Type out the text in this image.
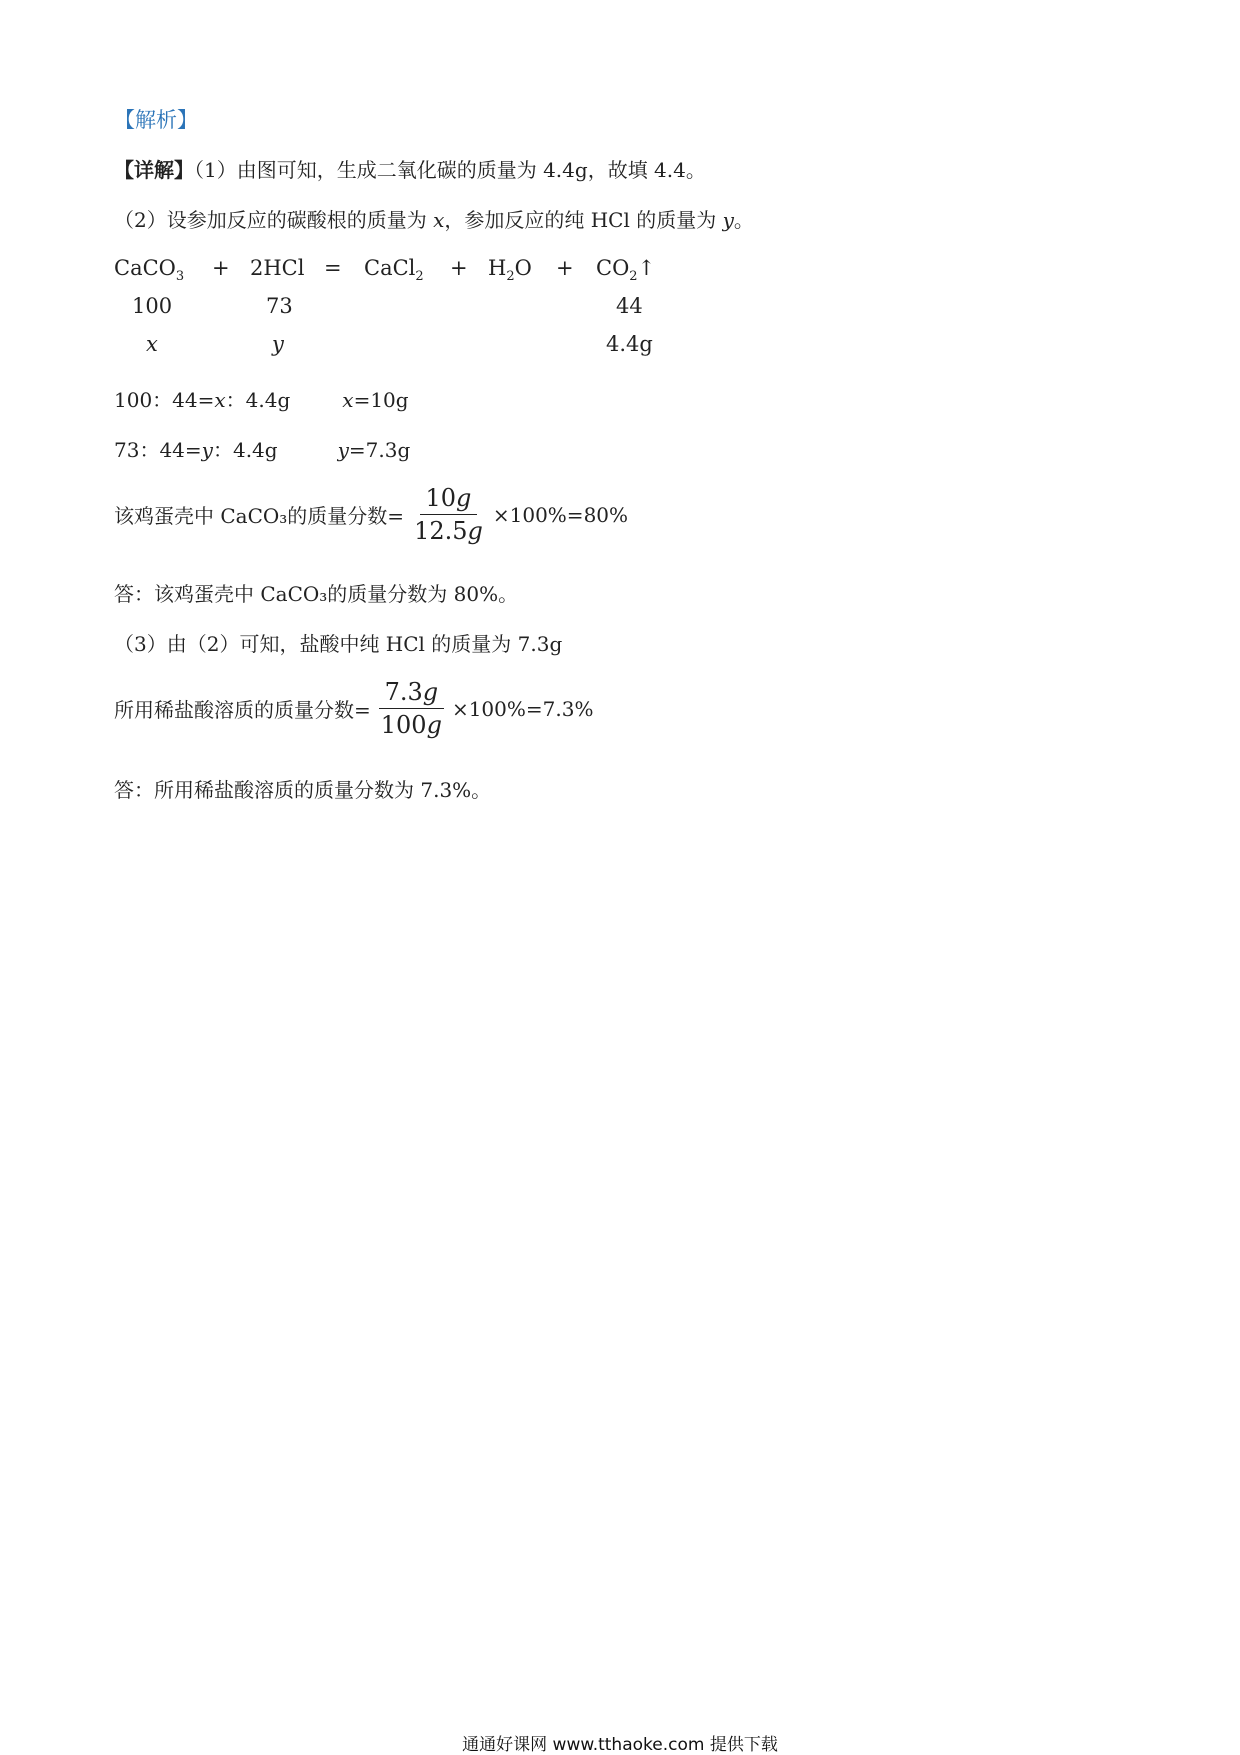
【解析】
【详解】（1）由图可知，生成二氧化碳的质量为 4.4g，故填 4.4。
（2）设参加反应的碳酸根的质量为 x，参加反应的纯 HCl 的质量为 y。
CaCO$_3$ + 2HCl = CaCl$_2$ + $H_2O$ + $CO_2↑$
100	73	44
x	y	4.4g
100：44=x：4.4g	x=10g
73：44=y：4.4g	y=7.3g
该鸡蛋壳中 CaCO₃的质量分数= $\frac{10g}{12.5g} \times 100\%=80\%$
答：该鸡蛋壳中 CaCO₃的质量分数为 80%。
（3）由（2）可知，盐酸中纯 HCl 的质量为 7.3g
所用稀盐酸溶质的质量分数= $\frac{7.3g}{100g} \times 100\%=7.3\%$
答：所用稀盐酸溶质的质量分数为 7.3%。
通通好课网 www.tthaoke.com 提供下载
